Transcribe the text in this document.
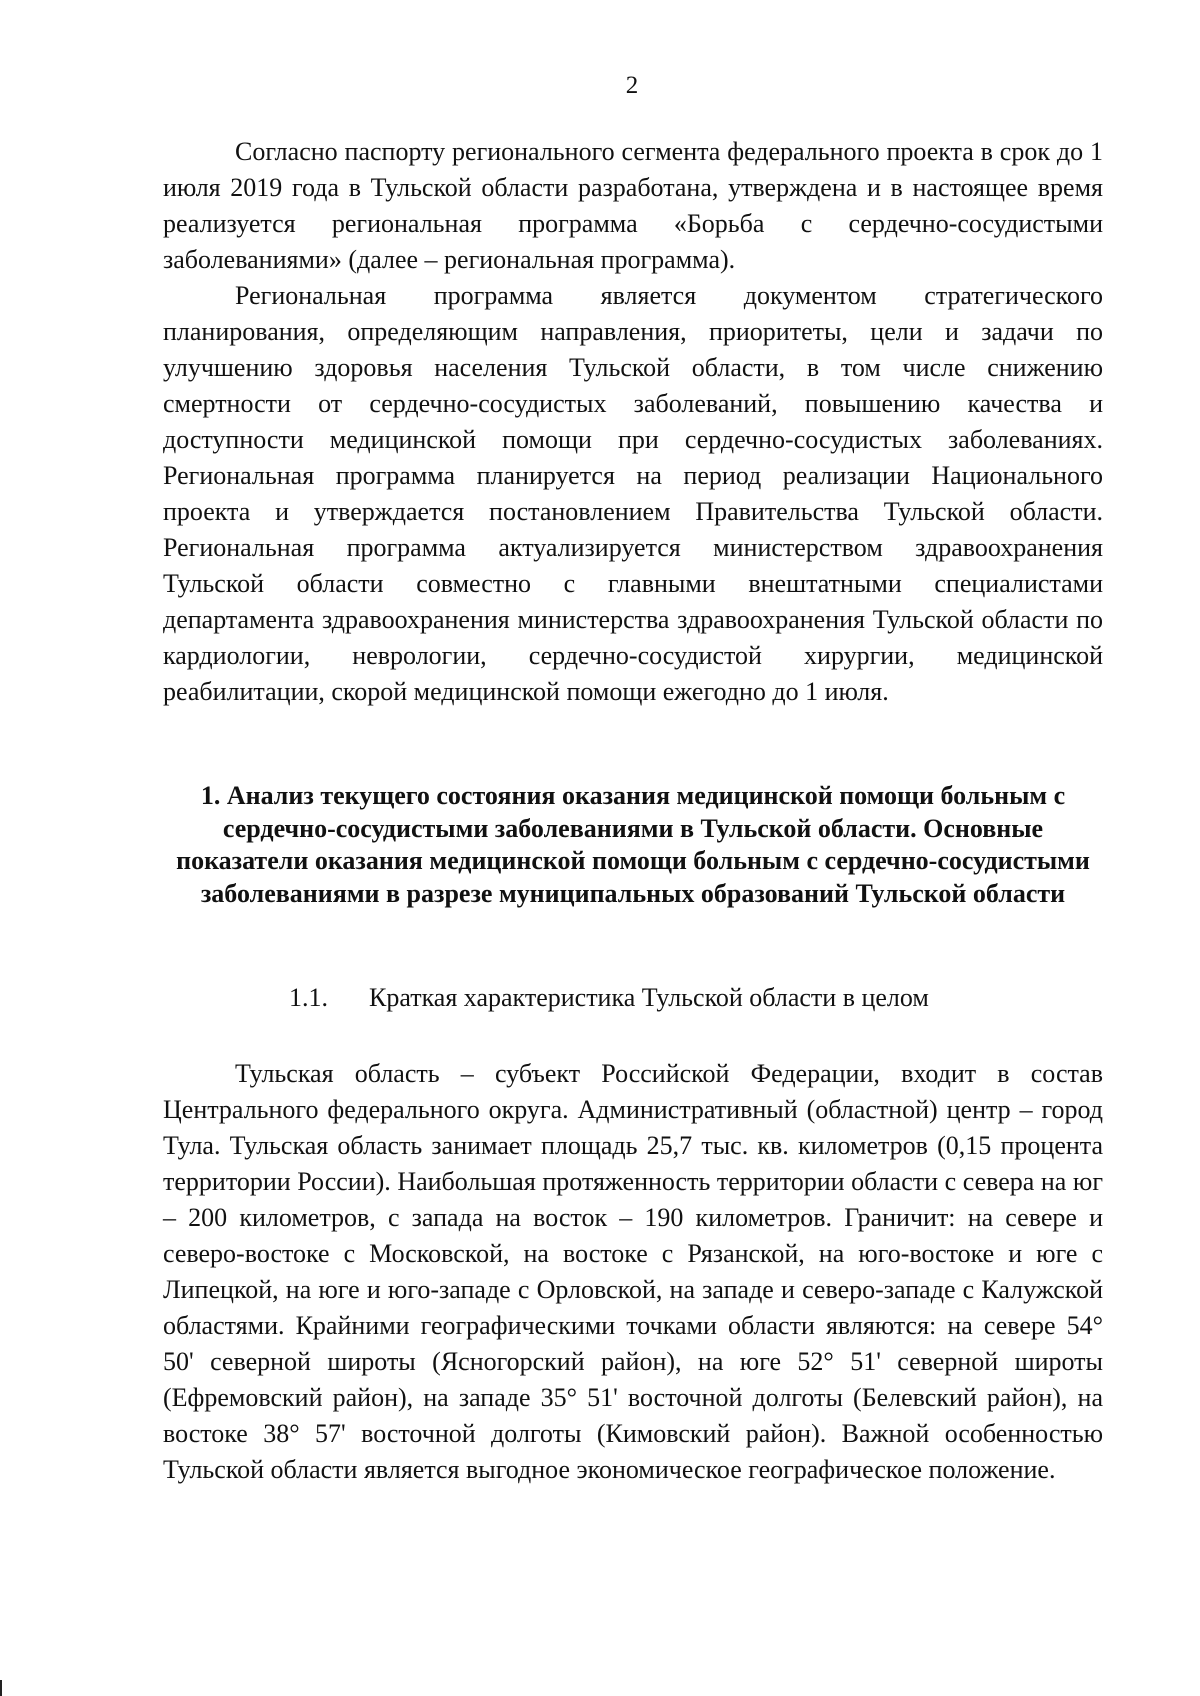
2

Согласно паспорту регионального сегмента федерального проекта в срок до 1 июля 2019 года в Тульской области разработана, утверждена и в настоящее время реализуется региональная программа «Борьба с сердечно-сосудистыми заболеваниями» (далее – региональная программа).

Региональная программа является документом стратегического планирования, определяющим направления, приоритеты, цели и задачи по улучшению здоровья населения Тульской области, в том числе снижению смертности от сердечно-сосудистых заболеваний, повышению качества и доступности медицинской помощи при сердечно-сосудистых заболеваниях. Региональная программа планируется на период реализации Национального проекта и утверждается постановлением Правительства Тульской области. Региональная программа актуализируется министерством здравоохранения Тульской области совместно с главными внештатными специалистами департамента здравоохранения министерства здравоохранения Тульской области по кардиологии, неврологии, сердечно-сосудистой хирургии, медицинской реабилитации, скорой медицинской помощи ежегодно до 1 июля.

1. Анализ текущего состояния оказания медицинской помощи больным с сердечно-сосудистыми заболеваниями в Тульской области. Основные показатели оказания медицинской помощи больным с сердечно-сосудистыми заболеваниями в разрезе муниципальных образований Тульской области

1.1. Краткая характеристика Тульской области в целом

Тульская область – субъект Российской Федерации, входит в состав Центрального федерального округа. Административный (областной) центр – город Тула. Тульская область занимает площадь 25,7 тыс. кв. километров (0,15 процента территории России). Наибольшая протяженность территории области с севера на юг – 200 километров, с запада на восток – 190 километров. Граничит: на севере и северо-востоке с Московской, на востоке с Рязанской, на юго-востоке и юге с Липецкой, на юге и юго-западе с Орловской, на западе и северо-западе с Калужской областями. Крайними географическими точками области являются: на севере 54° 50' северной широты (Ясногорский район), на юге 52° 51' северной широты (Ефремовский район), на западе 35° 51' восточной долготы (Белевский район), на востоке 38° 57' восточной долготы (Кимовский район). Важной особенностью Тульской области является выгодное экономическое географическое положение.
